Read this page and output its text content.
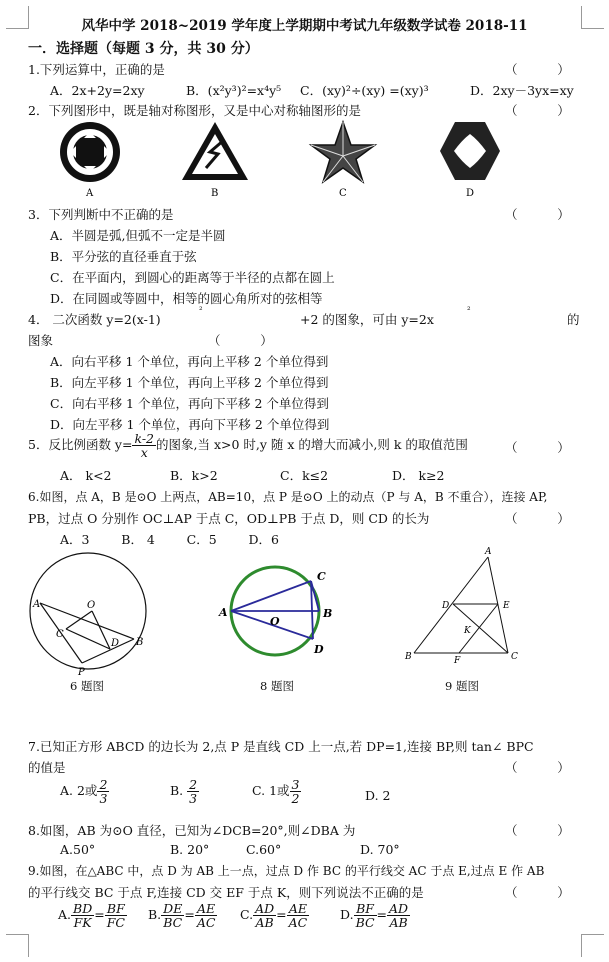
风华中学 2018~2019 学年度上学期期中考试九年级数学试卷 2018-11
一．选择题（每题 3 分，共 30 分）
1.下列运算中，正确的是	（          ）
A．2x+2y=2xy	B．(x²y³)²=x⁴y⁵ C．(xy)²÷(xy) =(xy)³	D．2xy－3yx=xy
2．下列图形中，既是轴对称图形，又是中心对称轴图形的是	（          ）
A	B	C	D
3．下列判断中不正确的是	（          ）
A．半圆是弧,但弧不一定是半圆
B．平分弦的直径垂直于弦
C．在平面内，到圆心的距离等于半径的点都在圆上
D．在同圆或等圆中，相等的圆心角所对的弦相等
4． 二次函数 y=2(x-1)
²
+2 的图象，可由 y=2x
²
的
图象	（          ）
A．向右平移 1 个单位，再向上平移 2 个单位得到
B．向左平移 1 个单位，再向上平移 2 个单位得到
C．向右平移 1 个单位，再向下平移 2 个单位得到
D．向左平移 1 个单位，再向下平移 2 个单位得到
5．反比例函数 $y= \frac{k-2}{x}$ 的图象,当 x>0 时,y 随 x 的增大而减小,则 k 的取值范围	（          ）
A． k<2	B．k>2	C．k≤2	D． k≥2
6.如图，点 A，B 是⊙O 上两点，AB=10，点 P 是⊙O 上的动点（P 与 A，B 不重合），连接 AP,
PB，过点 O 分别作 OC⊥AP 于点 C，OD⊥PB 于点 D，则 CD 的长为	（          ）
A．3        B． 4        C．5        D．6
A	O
C
D B
P
A
O
C
B
D
A
D	E
K
B	F	C
6 题图	8 题图	9 题图
7.已知正方形 ABCD 的边长为 2,点 P 是直线 CD 上一点,若 DP=1,连接 BP,则 tan∠ BPC
的值是	（          ）
A. 2或 $\frac{2}{3}$	B. $\frac{2}{3}$	C. 1或 $\frac{3}{2}$	D. 2
8.如图，AB 为⊙O 直径，已知为∠DCB=20°,则∠DBA 为	（          ）
A.50°	B. 20°	C.60°	D. 70°
9.如图，在△ABC 中，点 D 为 AB 上一点，过点 D 作 BC 的平行线交 AC 于点 E,过点 E 作 AB
的平行线交 BC 于点 F,连接 CD 交 EF 于点 K，则下列说法不正确的是	（          ）
A. $\frac{BD}{FK} = \frac{BF}{FC} B$. $\frac{DE}{BC} = \frac{AE}{AC} C$. $\frac{AD}{AB} = \frac{AE}{AC} D$. $\frac{BF}{BC} = \frac{AD}{AB}$
